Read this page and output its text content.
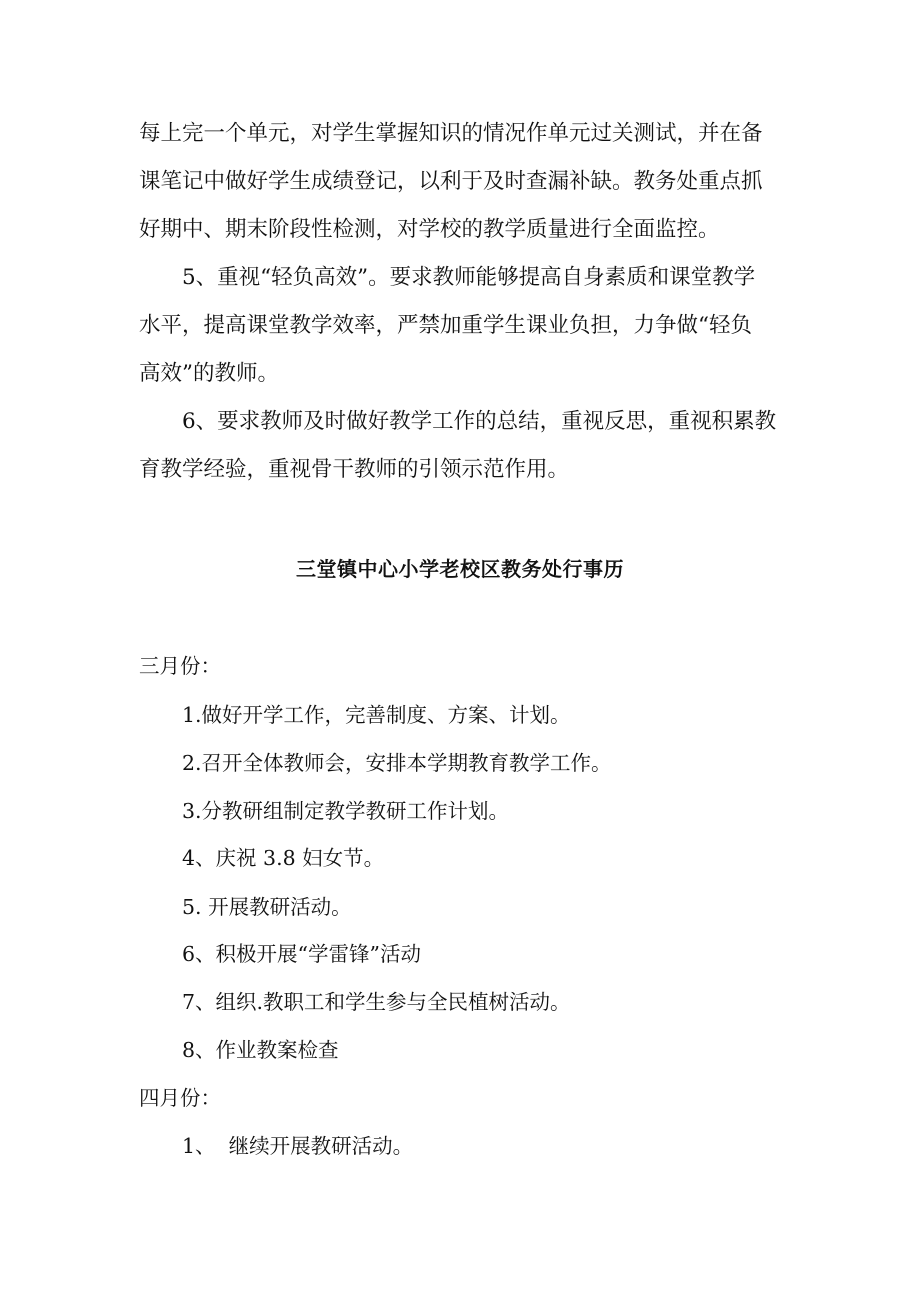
每上完一个单元，对学生掌握知识的情况作单元过关测试，并在备
课笔记中做好学生成绩登记，以利于及时查漏补缺。教务处重点抓
好期中、期末阶段性检测，对学校的教学质量进行全面监控。

5、重视“轻负高效”。要求教师能够提高自身素质和课堂教学
水平，提高课堂教学效率，严禁加重学生课业负担，力争做“轻负
高效”的教师。

6、要求教师及时做好教学工作的总结，重视反思，重视积累教
育教学经验，重视骨干教师的引领示范作用。

三堂镇中心小学老校区教务处行事历

三月份：

1.做好开学工作，完善制度、方案、计划。

2.召开全体教师会，安排本学期教育教学工作。

3.分教研组制定教学教研工作计划。

4、庆祝 3.8 妇女节。

5. 开展教研活动。

6、积极开展“学雷锋”活动

7、组织.教职工和学生参与全民植树活动。

8、作业教案检查

四月份：

1、  继续开展教研活动。
